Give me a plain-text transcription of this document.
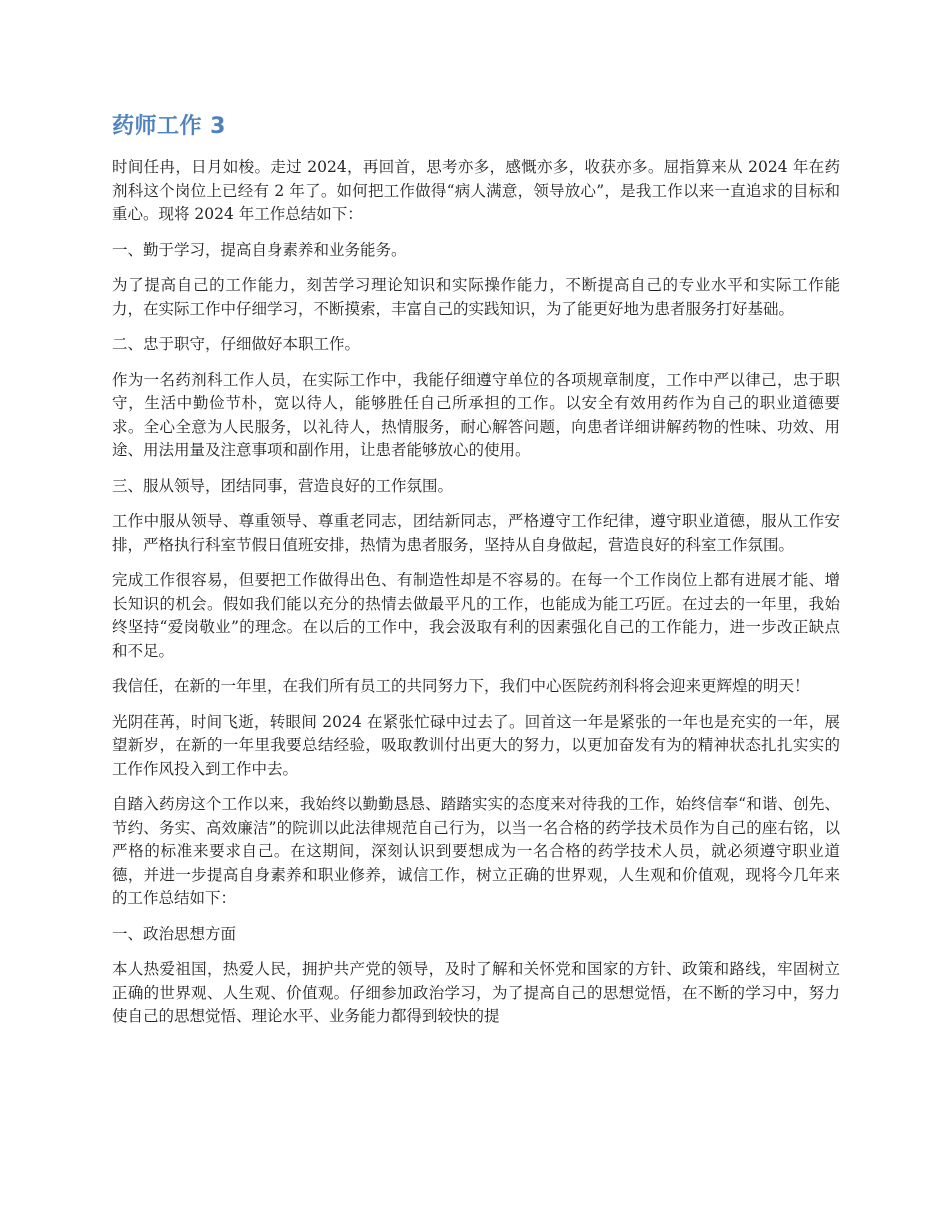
药师工作 3

时间任冉，日月如梭。走过 2024，再回首，思考亦多，感慨亦多，收获亦多。屈指算来从 2024 年在药剂科这个岗位上已经有 2 年了。如何把工作做得“病人满意，领导放心”，是我工作以来一直追求的目标和重心。现将 2024 年工作总结如下：

一、勤于学习，提高自身素养和业务能务。

为了提高自己的工作能力，刻苦学习理论知识和实际操作能力，不断提高自己的专业水平和实际工作能力，在实际工作中仔细学习，不断摸索，丰富自己的实践知识，为了能更好地为患者服务打好基础。

二、忠于职守，仔细做好本职工作。

作为一名药剂科工作人员，在实际工作中，我能仔细遵守单位的各项规章制度，工作中严以律己，忠于职守，生活中勤俭节朴，宽以待人，能够胜任自己所承担的工作。以安全有效用药作为自己的职业道德要求。全心全意为人民服务，以礼待人，热情服务，耐心解答问题，向患者详细讲解药物的性味、功效、用途、用法用量及注意事项和副作用，让患者能够放心的使用。

三、服从领导，团结同事，营造良好的工作氛围。

工作中服从领导、尊重领导、尊重老同志，团结新同志，严格遵守工作纪律，遵守职业道德，服从工作安排，严格执行科室节假日值班安排，热情为患者服务，坚持从自身做起，营造良好的科室工作氛围。

完成工作很容易，但要把工作做得出色、有制造性却是不容易的。在每一个工作岗位上都有进展才能、增长知识的机会。假如我们能以充分的热情去做最平凡的工作，也能成为能工巧匠。在过去的一年里，我始终坚持“爱岗敬业”的理念。在以后的工作中，我会汲取有利的因素强化自己的工作能力，进一步改正缺点和不足。

我信任，在新的一年里，在我们所有员工的共同努力下，我们中心医院药剂科将会迎来更辉煌的明天！

光阴荏苒，时间飞逝，转眼间 2024 在紧张忙碌中过去了。回首这一年是紧张的一年也是充实的一年，展望新岁，在新的一年里我要总结经验，吸取教训付出更大的努力，以更加奋发有为的精神状态扎扎实实的工作作风投入到工作中去。

自踏入药房这个工作以来，我始终以勤勤恳恳、踏踏实实的态度来对待我的工作，始终信奉“和谐、创先、节约、务实、高效廉洁”的院训以此法律规范自己行为，以当一名合格的药学技术员作为自己的座右铭，以严格的标准来要求自己。在这期间，深刻认识到要想成为一名合格的药学技术人员，就必须遵守职业道德，并进一步提高自身素养和职业修养，诚信工作，树立正确的世界观，人生观和价值观，现将今几年来的工作总结如下：

一、政治思想方面

本人热爱祖国，热爱人民，拥护共产党的领导，及时了解和关怀党和国家的方针、政策和路线，牢固树立正确的世界观、人生观、价值观。仔细参加政治学习，为了提高自己的思想觉悟，在不断的学习中，努力使自己的思想觉悟、理论水平、业务能力都得到较快的提
